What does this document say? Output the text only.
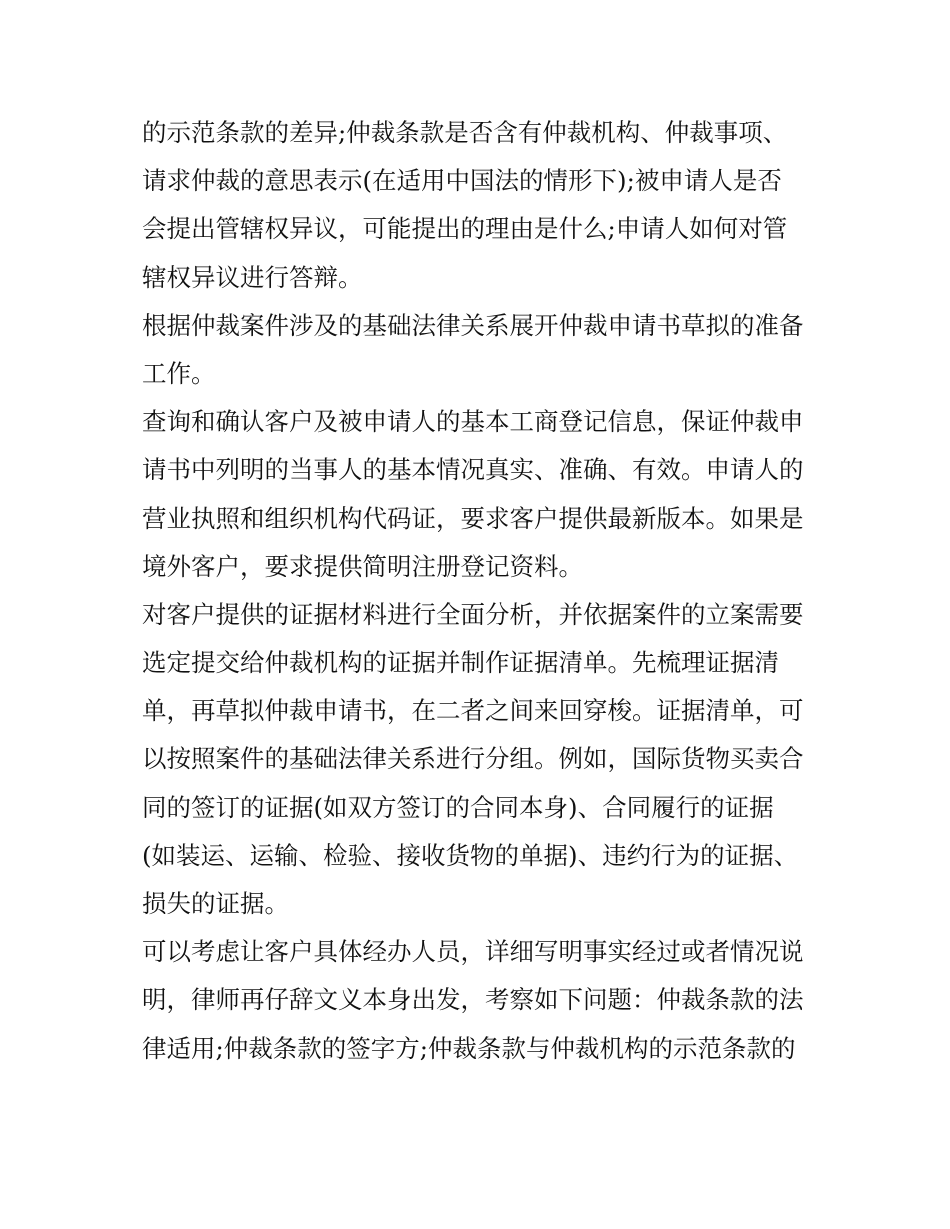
的示范条款的差异;仲裁条款是否含有仲裁机构、仲裁事项、
请求仲裁的意思表示(在适用中国法的情形下);被申请人是否
会提出管辖权异议，可能提出的理由是什么;申请人如何对管
辖权异议进行答辩。
根据仲裁案件涉及的基础法律关系展开仲裁申请书草拟的准备
工作。
查询和确认客户及被申请人的基本工商登记信息，保证仲裁申
请书中列明的当事人的基本情况真实、准确、有效。申请人的
营业执照和组织机构代码证，要求客户提供最新版本。如果是
境外客户，要求提供简明注册登记资料。
对客户提供的证据材料进行全面分析，并依据案件的立案需要
选定提交给仲裁机构的证据并制作证据清单。先梳理证据清
单，再草拟仲裁申请书，在二者之间来回穿梭。证据清单，可
以按照案件的基础法律关系进行分组。例如，国际货物买卖合
同的签订的证据(如双方签订的合同本身)、合同履行的证据
(如装运、运输、检验、接收货物的单据)、违约行为的证据、
损失的证据。
可以考虑让客户具体经办人员，详细写明事实经过或者情况说
明，律师再仔辞文义本身出发，考察如下问题：仲裁条款的法
律适用;仲裁条款的签字方;仲裁条款与仲裁机构的示范条款的
